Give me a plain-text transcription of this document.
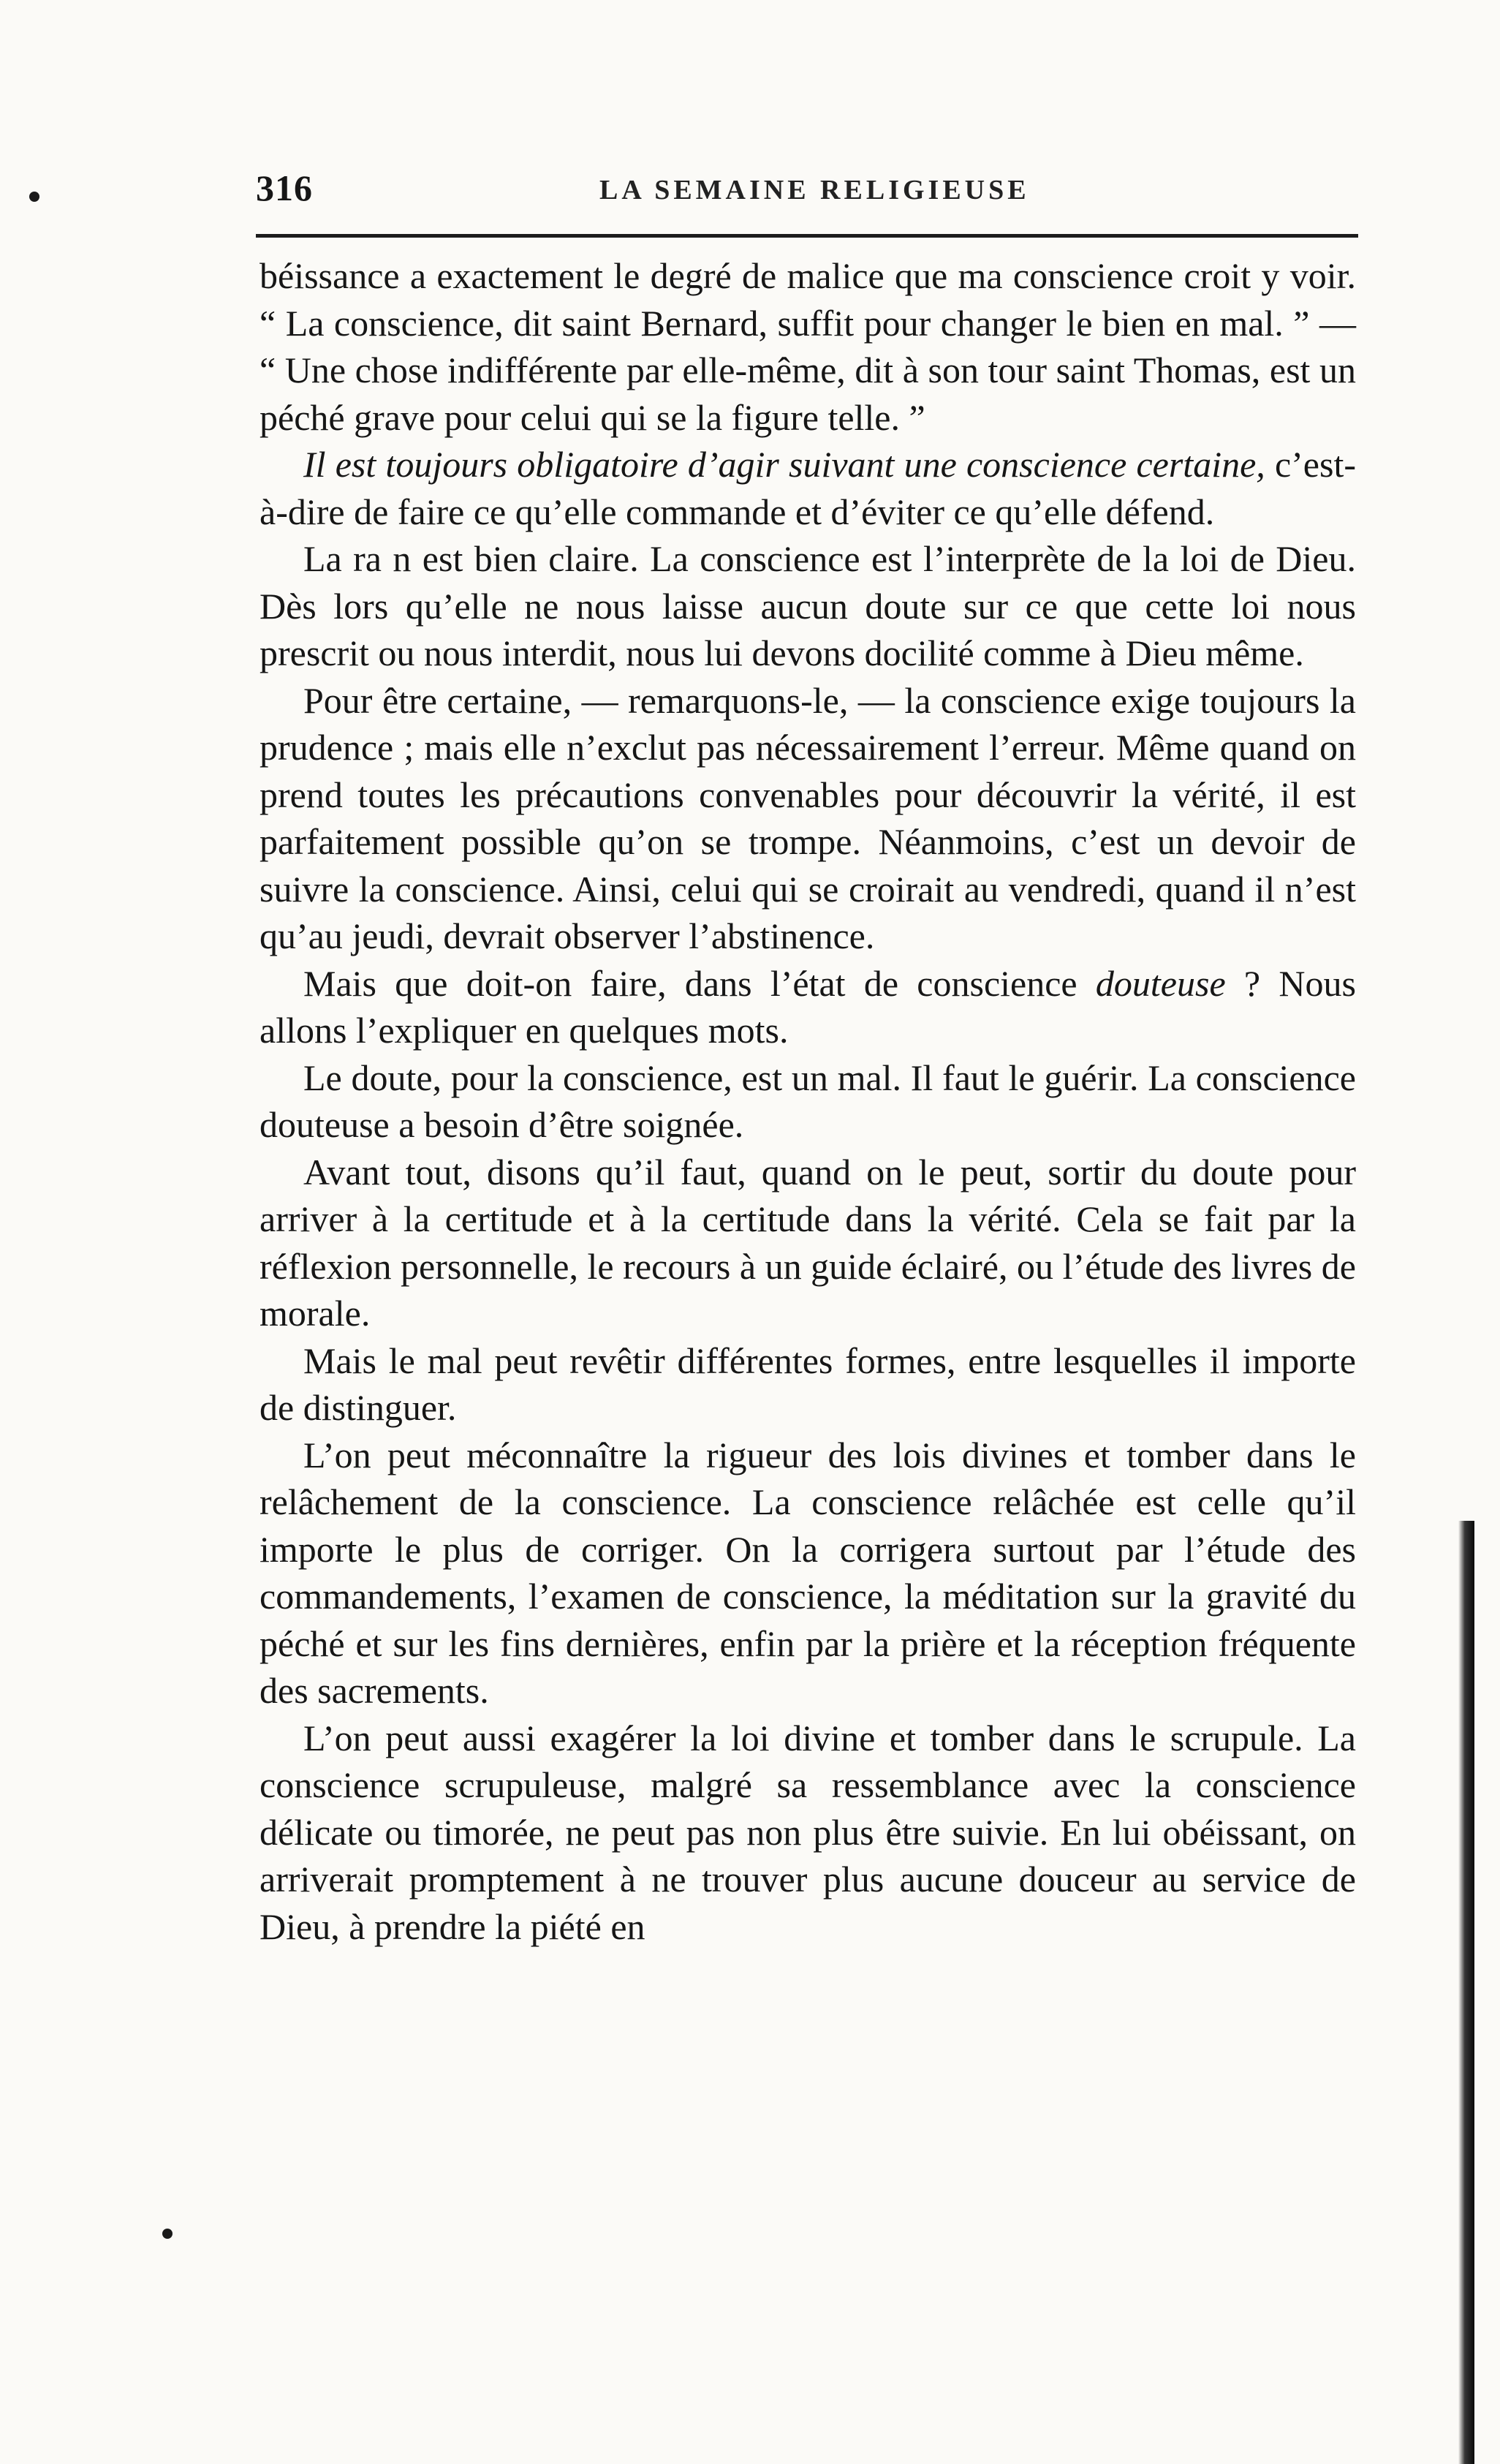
316	LA SEMAINE RELIGIEUSE

béissance a exactement le degré de malice que ma conscience croit y voir. “ La conscience, dit saint Bernard, suffit pour changer le bien en mal. ” — “ Une chose indifférente par elle-même, dit à son tour saint Thomas, est un péché grave pour celui qui se la figure telle. ”

Il est toujours obligatoire d’agir suivant une conscience certaine, c’est-à-dire de faire ce qu’elle commande et d’éviter ce qu’elle défend.

La ra n est bien claire. La conscience est l’interprète de la loi de Dieu. Dès lors qu’elle ne nous laisse aucun doute sur ce que cette loi nous prescrit ou nous interdit, nous lui devons docilité comme à Dieu même.

Pour être certaine, — remarquons-le, — la conscience exige toujours la prudence ; mais elle n’exclut pas nécessairement l’erreur. Même quand on prend toutes les précautions convenables pour découvrir la vérité, il est parfaitement possible qu’on se trompe. Néanmoins, c’est un devoir de suivre la conscience. Ainsi, celui qui se croirait au vendredi, quand il n’est qu’au jeudi, devrait observer l’abstinence.

Mais que doit-on faire, dans l’état de conscience douteuse ? Nous allons l’expliquer en quelques mots.

Le doute, pour la conscience, est un mal. Il faut le guérir. La conscience douteuse a besoin d’être soignée.

Avant tout, disons qu’il faut, quand on le peut, sortir du doute pour arriver à la certitude et à la certitude dans la vérité. Cela se fait par la réflexion personnelle, le recours à un guide éclairé, ou l’étude des livres de morale.

Mais le mal peut revêtir différentes formes, entre lesquelles il importe de distinguer.

L’on peut méconnaître la rigueur des lois divines et tomber dans le relâchement de la conscience. La conscience relâchée est celle qu’il importe le plus de corriger. On la corrigera surtout par l’étude des commandements, l’examen de conscience, la méditation sur la gravité du péché et sur les fins dernières, enfin par la prière et la réception fréquente des sacrements.

L’on peut aussi exagérer la loi divine et tomber dans le scrupule. La conscience scrupuleuse, malgré sa ressemblance avec la conscience délicate ou timorée, ne peut pas non plus être suivie. En lui obéissant, on arriverait promptement à ne trouver plus aucune douceur au service de Dieu, à prendre la piété en
